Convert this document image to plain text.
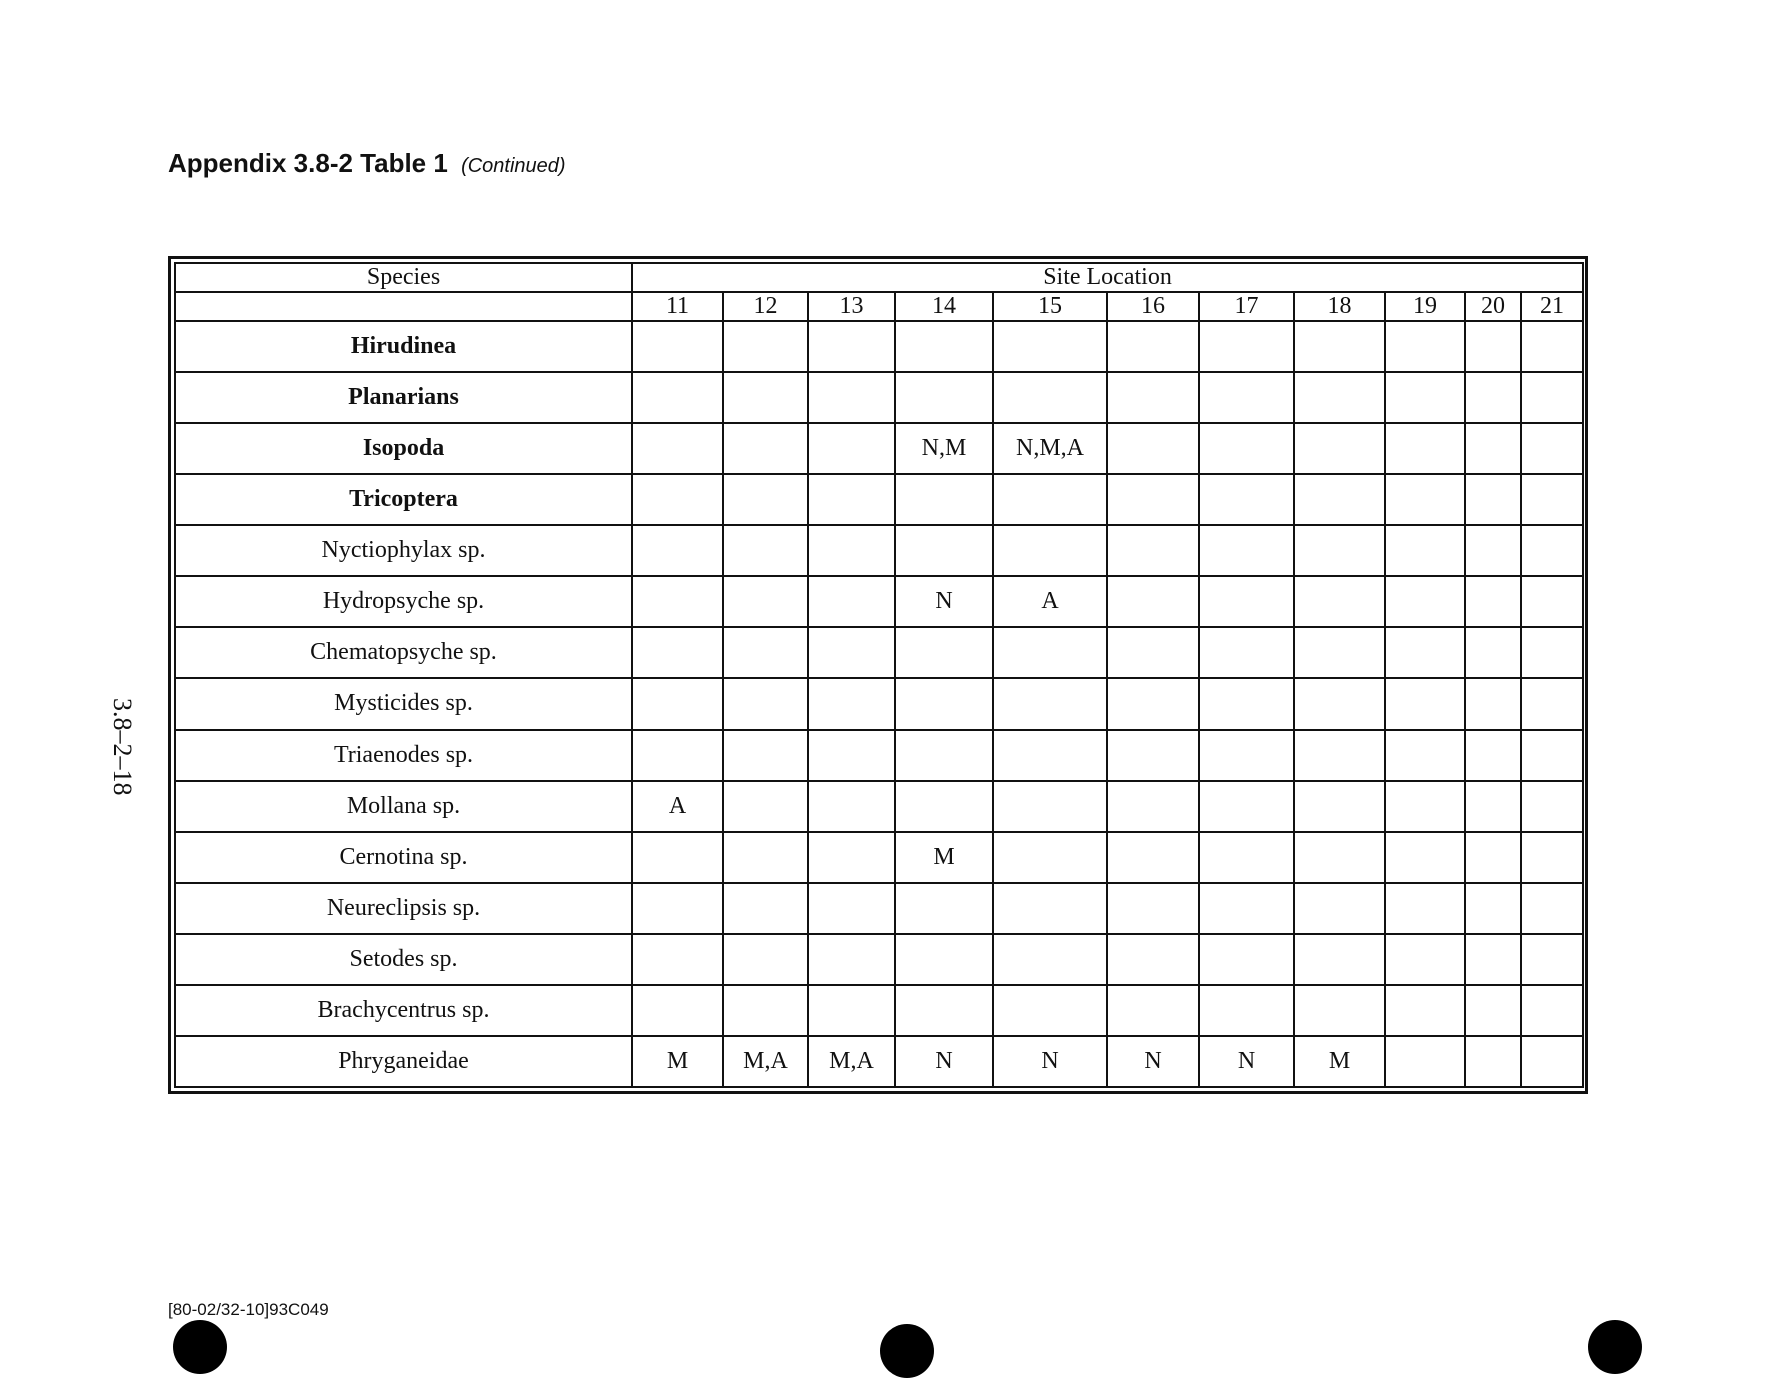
Appendix 3.8-2 Table 1 (Continued)
3.8–2–18
Species	Site Location										
	11	12	13	14	15	16	17	18	19	20	21
Hirudinea											
Planarians											
Isopoda				N,M	N,M,A						
Tricoptera											
Nyctiophylax sp.											
Hydropsyche sp.				N	A						
Chematopsyche sp.											
Mysticides sp.											
Triaenodes sp.											
Mollana sp.	A										
Cernotina sp.				M							
Neureclipsis sp.											
Setodes sp.											
Brachycentrus sp.											
Phryganeidae	M	M,A	M,A	N	N	N	N	M			
[80-02/32-10]93C049
